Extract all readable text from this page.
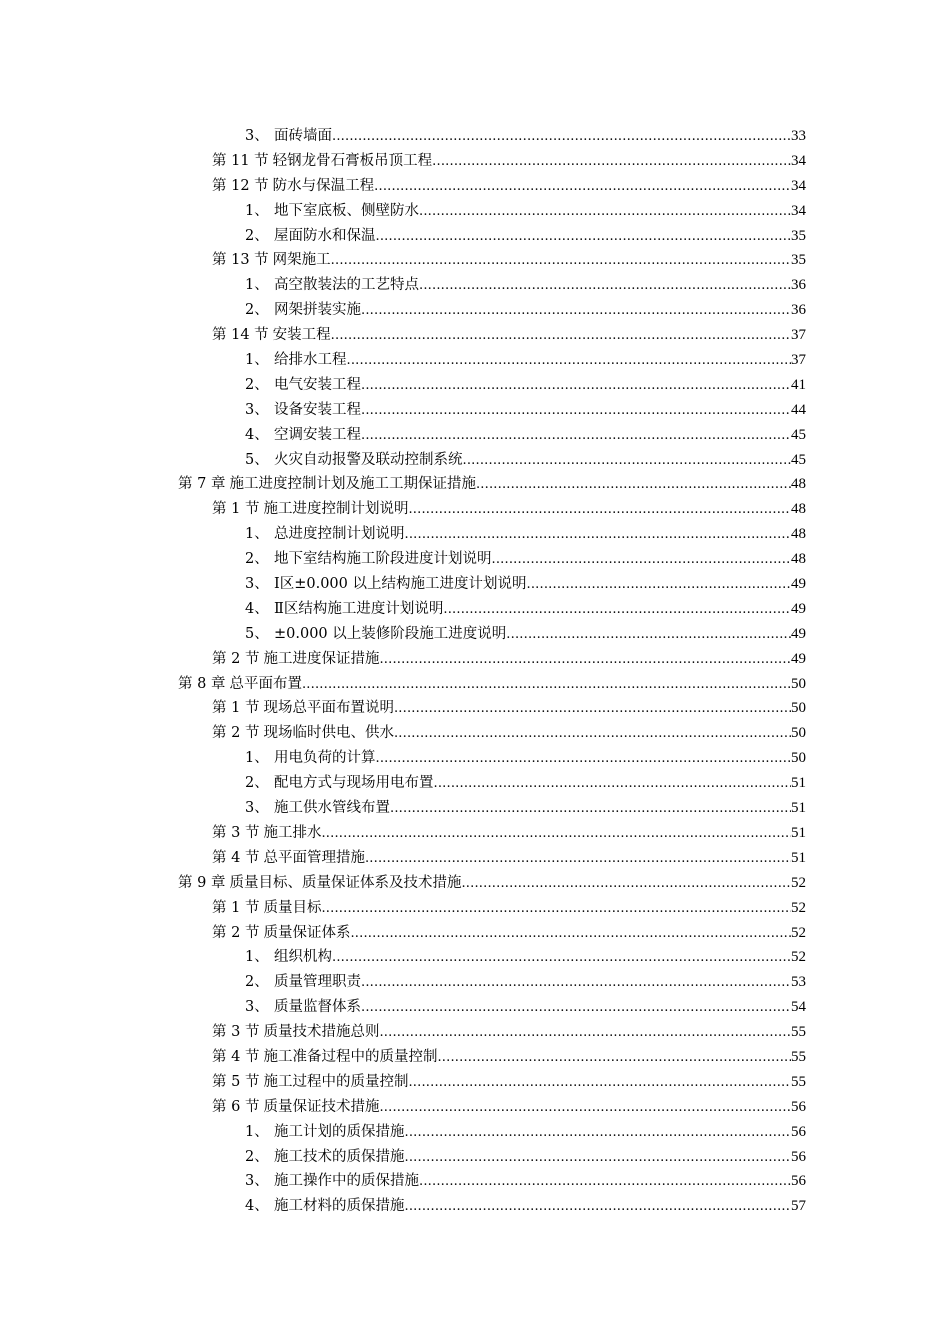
3、 面砖墙面 .....	33
第 11 节 轻钢龙骨石膏板吊顶工程 .....	34
第 12 节 防水与保温工程 .....	34
1、 地下室底板、侧壁防水 .....	34
2、 屋面防水和保温 .....	35
第 13 节 网架施工 .....	35
1、 高空散装法的工艺特点 .....	36
2、 网架拼装实施 .....	36
第 14 节 安装工程 .....	37
1、 给排水工程 .....	37
2、 电气安装工程 .....	41
3、 设备安装工程 .....	44
4、 空调安装工程 .....	45
5、 火灾自动报警及联动控制系统 .....	45
第 7 章 施工进度控制计划及施工工期保证措施 .....	48
第 1 节 施工进度控制计划说明 .....	48
1、 总进度控制计划说明 .....	48
2、 地下室结构施工阶段进度计划说明 .....	48
3、 Ⅰ区±0.000 以上结构施工进度计划说明 .....	49
4、 Ⅱ区结构施工进度计划说明 .....	49
5、 ±0.000 以上装修阶段施工进度说明 .....	49
第 2 节 施工进度保证措施 .....	49
第 8 章 总平面布置 .....	50
第 1 节 现场总平面布置说明 .....	50
第 2 节 现场临时供电、供水 .....	50
1、 用电负荷的计算 .....	50
2、 配电方式与现场用电布置 .....	51
3、 施工供水管线布置 .....	51
第 3 节 施工排水 .....	51
第 4 节 总平面管理措施 .....	51
第 9 章 质量目标、质量保证体系及技术措施 .....	52
第 1 节 质量目标 .....	52
第 2 节 质量保证体系 .....	52
1、 组织机构 .....	52
2、 质量管理职责 .....	53
3、 质量监督体系 .....	54
第 3 节 质量技术措施总则 .....	55
第 4 节 施工准备过程中的质量控制 .....	55
第 5 节 施工过程中的质量控制 .....	55
第 6 节 质量保证技术措施 .....	56
1、 施工计划的质保措施 .....	56
2、 施工技术的质保措施 .....	56
3、 施工操作中的质保措施 .....	56
4、 施工材料的质保措施 .....	57
